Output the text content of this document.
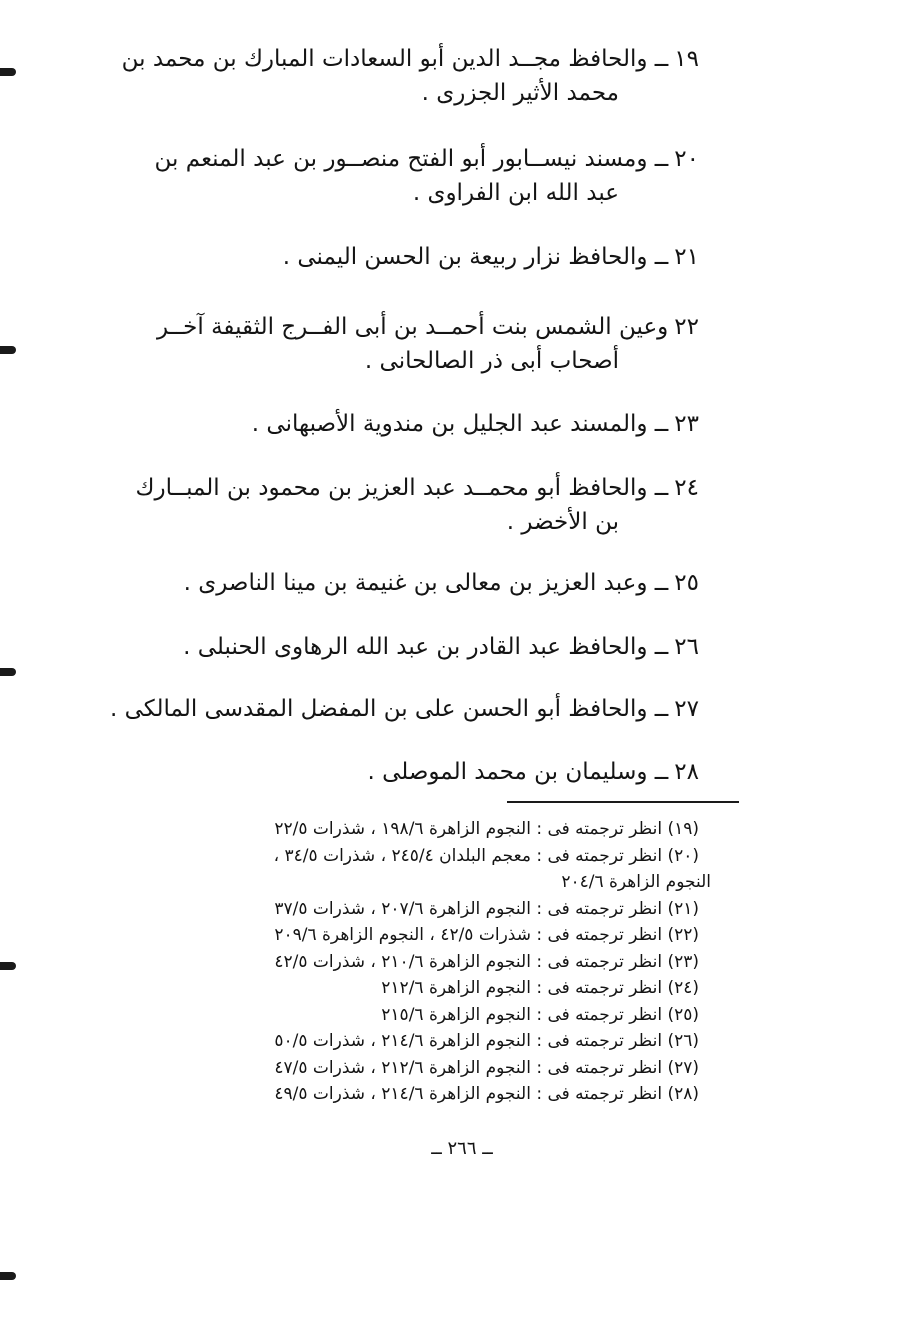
١٩ــ والحافظ مجــد الدين أبو السعادات المبارك بن محمد بن
محمد الأثير الجزرى .
٢٠ــ ومسند نيســابور أبو الفتح منصــور بن عبد المنعم بن
عبد الله ابن الفراوى .
٢١ــ والحافظ نزار ربيعة بن الحسن اليمنى .
٢٢وعين الشمس بنت أحمــد بن أبى الفــرج الثقيفة آخــر
أصحاب أبى ذر الصالحانى .
٢٣ــ والمسند عبد الجليل بن مندوية الأصبهانى .
٢٤ــ والحافظ أبو محمــد عبد العزيز بن محمود بن المبــارك
بن الأخضر .
٢٥ــ وعبد العزيز بن معالى بن غنيمة بن مينا الناصرى .
٢٦ــ والحافظ عبد القادر بن عبد الله الرهاوى الحنبلى .
٢٧ــ والحافظ أبو الحسن على بن المفضل المقدسى المالكى .
٢٨ــ وسليمان بن محمد الموصلى .
(١٩) انظر ترجمته فى : النجوم الزاهرة ١٩٨/٦ ، شذرات ٢٢/٥
(٢٠) انظر ترجمته فى : معجم البلدان ٢٤٥/٤ ، شذرات ٣٤/٥ ،
النجوم الزاهرة ٢٠٤/٦
(٢١) انظر ترجمته فى : النجوم الزاهرة ٢٠٧/٦ ، شذرات ٣٧/٥
(٢٢) انظر ترجمته فى : شذرات ٤٢/٥ ، النجوم الزاهرة ٢٠٩/٦
(٢٣) انظر ترجمته فى : النجوم الزاهرة ٢١٠/٦ ، شذرات ٤٢/٥
(٢٤) انظر ترجمته فى : النجوم الزاهرة ٢١٢/٦
(٢٥) انظر ترجمته فى : النجوم الزاهرة ٢١٥/٦
(٢٦) انظر ترجمته فى : النجوم الزاهرة ٢١٤/٦ ، شذرات ٥٠/٥
(٢٧) انظر ترجمته فى : النجوم الزاهرة ٢١٢/٦ ، شذرات ٤٧/٥
(٢٨) انظر ترجمته فى : النجوم الزاهرة ٢١٤/٦ ، شذرات ٤٩/٥
ــ ٢٦٦ ــ
